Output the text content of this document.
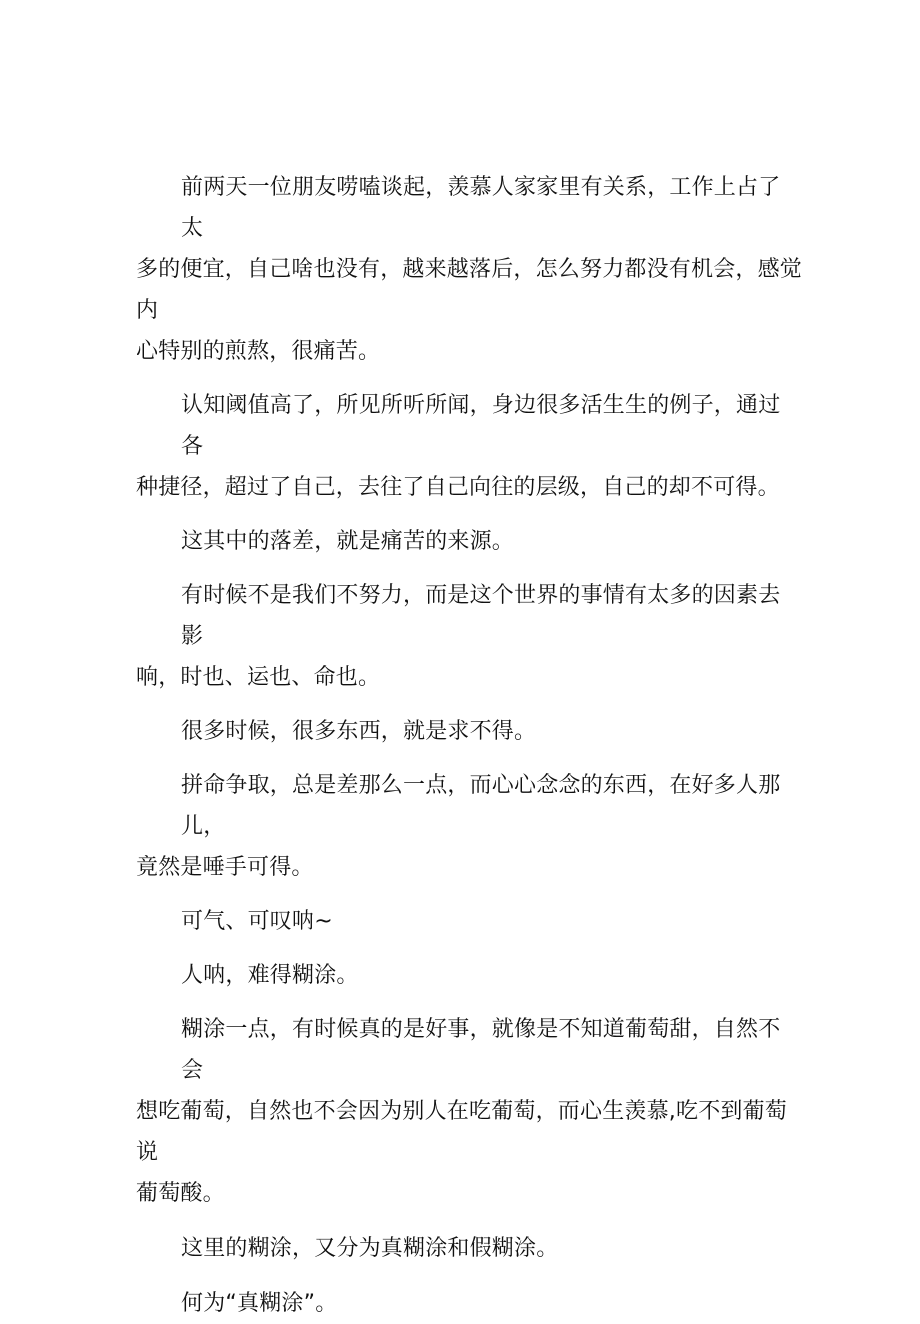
前两天一位朋友唠嗑谈起，羡慕人家家里有关系，工作上占了太
多的便宜，自己啥也没有，越来越落后，怎么努力都没有机会，感觉内
心特别的煎熬，很痛苦。
认知阈值高了，所见所听所闻，身边很多活生生的例子，通过各
种捷径，超过了自己，去往了自己向往的层级，自己的却不可得。
这其中的落差，就是痛苦的来源。
有时候不是我们不努力，而是这个世界的事情有太多的因素去影
响，时也、运也、命也。
很多时候，很多东西，就是求不得。
拼命争取，总是差那么一点，而心心念念的东西，在好多人那儿，
竟然是唾手可得。
可气、可叹呐~
人呐，难得糊涂。
糊涂一点，有时候真的是好事，就像是不知道葡萄甜，自然不会
想吃葡萄，自然也不会因为别人在吃葡萄，而心生羡慕,吃不到葡萄说
葡萄酸。
这里的糊涂，又分为真糊涂和假糊涂。
何为“真糊涂”。
